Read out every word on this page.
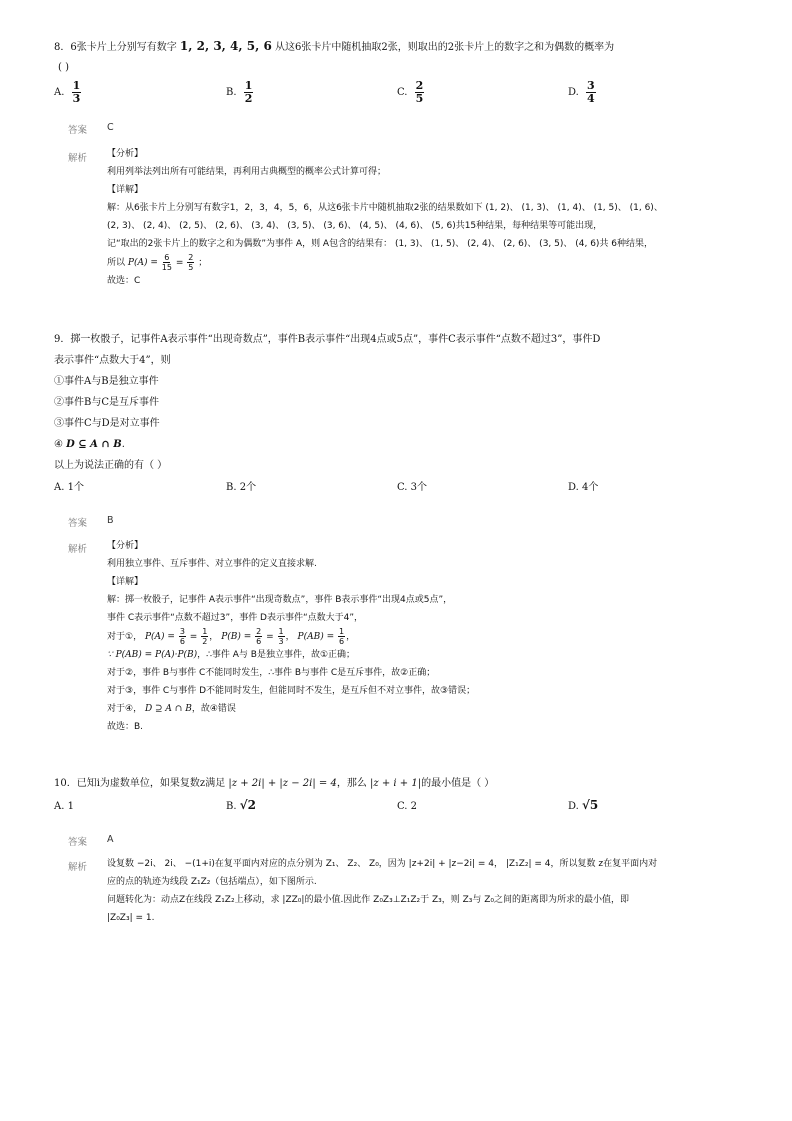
8．6张卡片上分别写有数字 1, 2, 3, 4, 5, 6 从这6张卡片中随机抽取2张，则取出的2张卡片上的数字之和为偶数的概率为
( )
A. $\frac{1}{3}$	B. $\frac{1}{2}$	C. $\frac{2}{5}$	D. $\frac{3}{4}$
答案 C
解析 【分析】
利用列举法列出所有可能结果，再利用古典概型的概率公式计算可得；
【详解】
解：从6张卡片上分别写有数字1，2，3，4，5，6，从这6张卡片中随机抽取2张的结果数如下 (1, 2)、 (1, 3)、 (1, 4)、 (1, 5)、 (1, 6)、
(2, 3)、 (2, 4)、 (2, 5)、 (2, 6)、 (3, 4)、 (3, 5)、 (3, 6)、 (4, 5)、 (4, 6)、 (5, 6)共15种结果，每种结果等可能出现，
记“取出的2张卡片上的数字之和为偶数”为事件 A，则 A包含的结果有： (1, 3)、 (1, 5)、 (2, 4)、 (2, 6)、 (3, 5)、 (4, 6)共 6种结果，
所以 $P(A) = \frac{6}{15} = \frac{2}{5}$ ；
故选：C
9．掷一枚骰子，记事件A表示事件“出现奇数点”，事件B表示事件“出现4点或5点”，事件C表示事件“点数不超过3”，事件D
表示事件“点数大于4”，则
①事件A与B是独立事件
②事件B与C是互斥事件
③事件C与D是对立事件
④ D ⊆ A ∩ B.
以上为说法正确的有（ ）
A. 1个	B. 2个	C. 3个	D. 4个
答案 B
解析 【分析】
利用独立事件、互斥事件、对立事件的定义直接求解.
【详解】
解：掷一枚骰子，记事件 A表示事件“出现奇数点”，事件 B表示事件“出现4点或5点”，
事件 C表示事件“点数不超过3”，事件 D表示事件“点数大于4”，
对于①， $P(A) = \frac{3}{6} = \frac{1}{2}$ ， $P(B) = \frac{2}{6} = \frac{1}{3}$ ， $P(AB) = \frac{1}{6}$ ，
∵ P(AB) = P(A)·P(B)，∴事件 A与 B是独立事件，故①正确；
对于②，事件 B与事件 C不能同时发生，∴事件 B与事件 C是互斥事件，故②正确；
对于③，事件 C与事件 D不能同时发生，但能同时不发生，是互斥但不对立事件，故③错误；
对于④， D ⊇ A ∩ B，故④错误
故选：B.
10．已知i为虚数单位，如果复数z满足 |z + 2i| + |z − 2i| = 4，那么 |z + i + 1|的最小值是（ ）
A. 1	B. √2	C. 2	D. √5
答案 A
解析 设复数 −2i、 2i、 −(1+i)在复平面内对应的点分别为 Z₁、 Z₂、 Z₀，因为 |z+2i| + |z−2i| = 4， |Z₁Z₂| = 4，所以复数 z在复平面内对
应的点的轨迹为线段 Z₁Z₂（包括端点），如下图所示.
问题转化为：动点Z在线段 Z₁Z₂上移动，求 |ZZ₀|的最小值.因此作 Z₀Z₃⊥Z₁Z₂于 Z₃，则 Z₃与 Z₀之间的距离即为所求的最小值，即
|Z₀Z₃| = 1.
